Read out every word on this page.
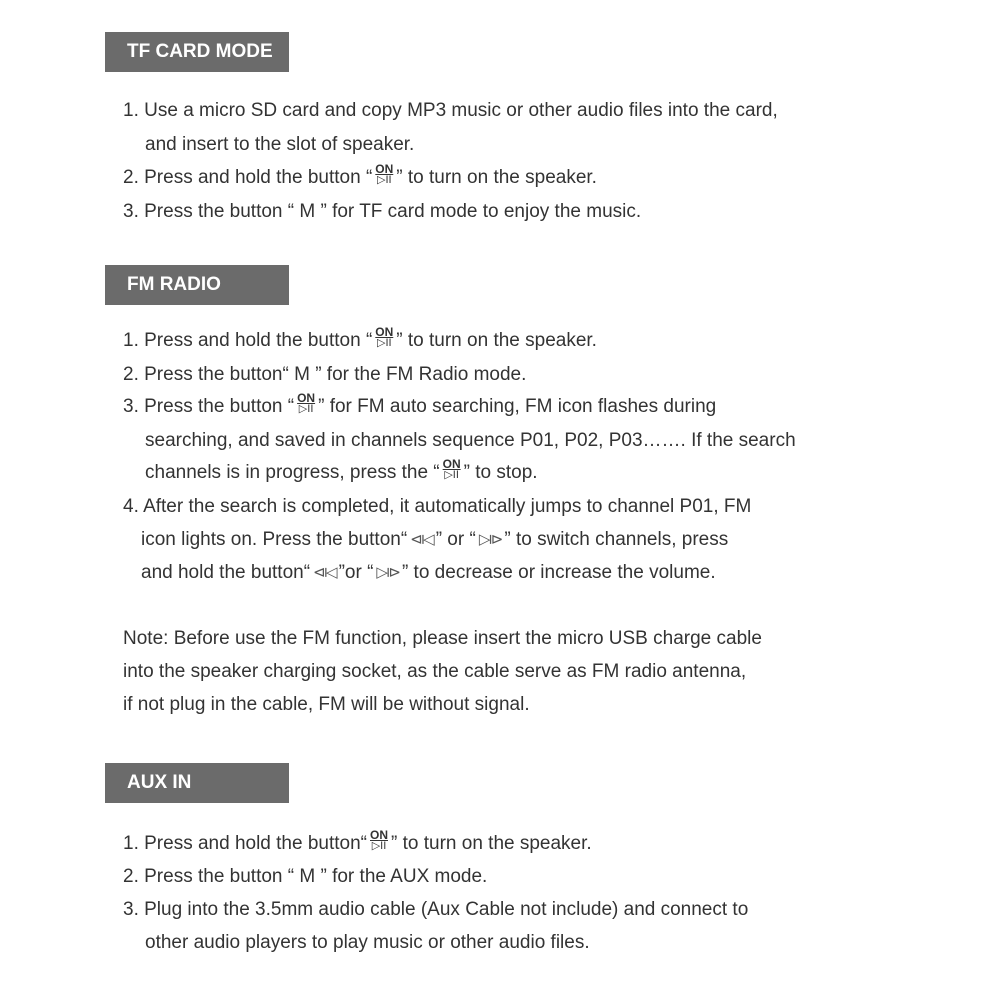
TF CARD MODE
1. Use a micro SD card and copy MP3 music or other audio files into the card,
and insert to the slot of speaker.
2. Press and hold the button “ $\frac{ON}{▷II}$ ” to turn on the speaker.
3. Press the button “ M ” for TF card mode to enjoy the music.
FM RADIO
1. Press and hold the button “ $\frac{ON}{▷II}$ ” to turn on the speaker.
2. Press the button“ M ” for the FM Radio mode.
3. Press the button “ $\frac{ON}{▷II}$ ” for FM auto searching, FM icon flashes during
searching, and saved in channels sequence P01, P02, P03……. If the search
channels is in progress, press the “ $\frac{ON}{▷II}$ ” to stop.
4. After the search is completed, it automatically jumps to channel P01, FM
icon lights on. Press the button“ ⧏◁ ” or “ ▷⧐ ” to switch channels, press
and hold the button“ ⧏◁ ”or “ ▷⧐ ” to decrease or increase the volume.
Note: Before use the FM function, please insert the micro USB charge cable
into the speaker charging socket, as the cable serve as FM radio antenna,
if not plug in the cable, FM will be without signal.
AUX IN
1. Press and hold the button“ $\frac{ON}{▷II}$ ” to turn on the speaker.
2. Press the button “ M ” for the AUX mode.
3. Plug into the 3.5mm audio cable (Aux Cable not include) and connect to
other audio players to play music or other audio files.
